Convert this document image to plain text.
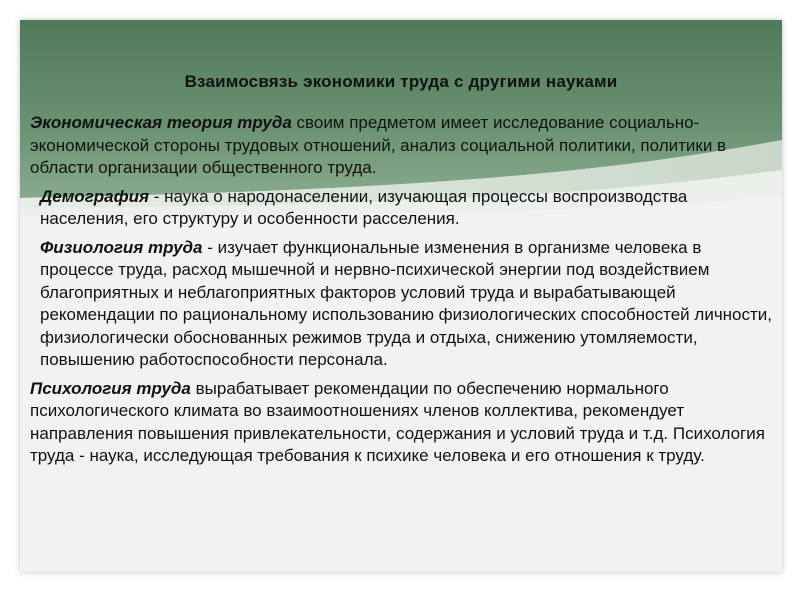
Взаимосвязь экономики труда с другими науками

Экономическая теория труда своим предметом имеет исследование социально-экономической стороны трудовых отношений, анализ социальной политики, политики в области организации общественного труда.

Демография - наука о народонаселении, изучающая процессы воспроизводства населения, его структуру и особенности расселения.

Физиология труда - изучает функциональные изменения в организме человека в процессе труда, расход мышечной и нервно-психической энергии под воздействием благоприятных и неблагоприятных факторов условий труда и вырабатывающей рекомендации по рациональному использованию физиологических способностей личности, физиологически обоснованных режимов труда и отдыха, снижению утомляемости, повышению работоспособности персонала.

Психология труда вырабатывает рекомендации по обеспечению нормального психологического климата во взаимоотношениях членов коллектива, рекомендует направления повышения привлекательности, содержания и условий труда и т.д. Психология труда - наука, исследующая требования к психике человека и его отношения к труду.
